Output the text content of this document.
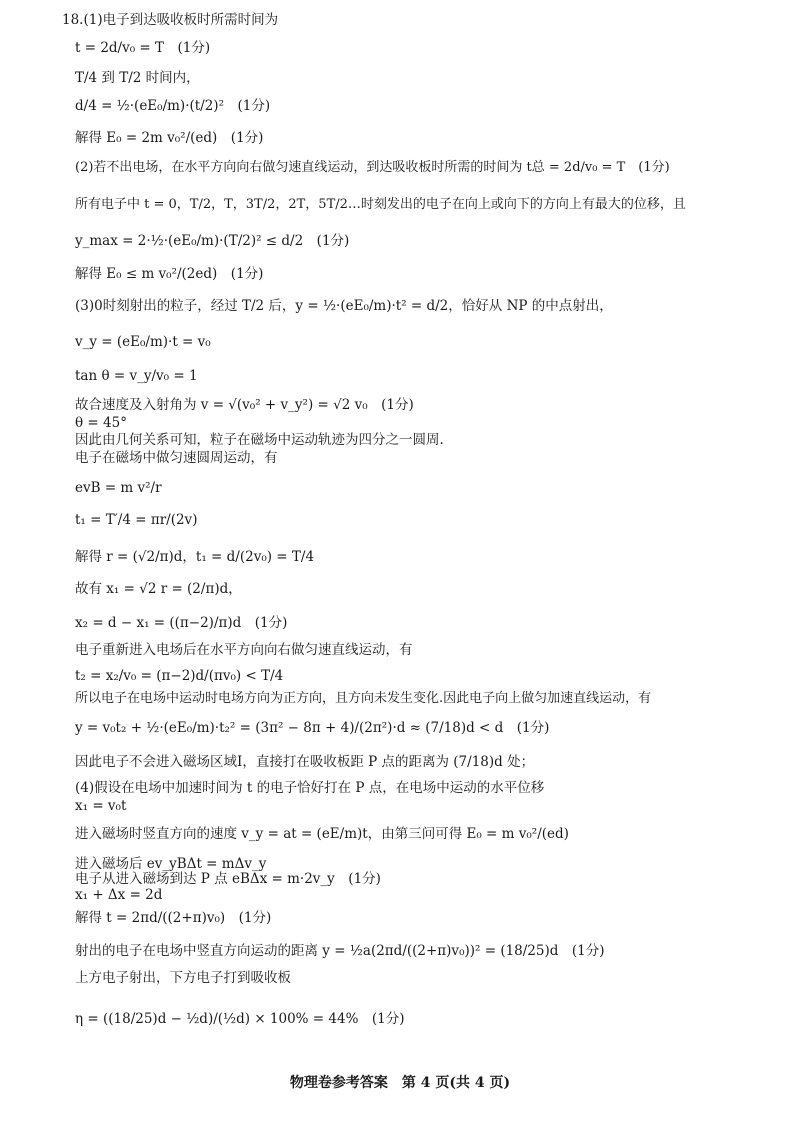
18.(1)电子到达吸收板时所需时间为
t = 2d/v₀ = T　(1分)
T/4 到 T/2 时间内，
d/4 = ½·(eE₀/m)·(t/2)²　(1分)
解得 E₀ = 2m v₀²/(ed)　(1分)
(2)若不出电场，在水平方向向右做匀速直线运动，到达吸收板时所需的时间为 t总 = 2d/v₀ = T　(1分)
所有电子中 t = 0，T/2，T，3T/2，2T，5T/2…时刻发出的电子在向上或向下的方向上有最大的位移，且
y_max = 2·½·(eE₀/m)·(T/2)² ≤ d/2　(1分)
解得 E₀ ≤ m v₀²/(2ed)　(1分)
(3)0时刻射出的粒子，经过 T/2 后，y = ½·(eE₀/m)·t² = d/2，恰好从 NP 的中点射出，
v_y = (eE₀/m)·t = v₀
tan θ = v_y/v₀ = 1
故合速度及入射角为 v = √(v₀² + v_y²) = √2 v₀　(1分)
θ = 45°
因此由几何关系可知，粒子在磁场中运动轨迹为四分之一圆周.
电子在磁场中做匀速圆周运动，有
evB = m v²/r
t₁ = T′/4 = πr/(2v)
解得 r = (√2/π)d，t₁ = d/(2v₀) = T/4
故有 x₁ = √2 r = (2/π)d，
x₂ = d − x₁ = ((π−2)/π)d　(1分)
电子重新进入电场后在水平方向向右做匀速直线运动，有
t₂ = x₂/v₀ = (π−2)d/(πv₀) < T/4
所以电子在电场中运动时电场方向为正方向，且方向未发生变化.因此电子向上做匀加速直线运动，有
y = v₀t₂ + ½·(eE₀/m)·t₂² = (3π² − 8π + 4)/(2π²)·d ≈ (7/18)d < d　(1分)
因此电子不会进入磁场区域Ⅰ，直接打在吸收板距 P 点的距离为 (7/18)d 处；
(4)假设在电场中加速时间为 t 的电子恰好打在 P 点，在电场中运动的水平位移
x₁ = v₀t
进入磁场时竖直方向的速度 v_y = at = (eE/m)t，由第三问可得 E₀ = m v₀²/(ed)
进入磁场后 ev_yBΔt = mΔv_y
电子从进入磁场到达 P 点 eBΔx = m·2v_y　(1分)
x₁ + Δx = 2d
解得 t = 2πd/((2+π)v₀)　(1分)
射出的电子在电场中竖直方向运动的距离 y = ½a(2πd/((2+π)v₀))² = (18/25)d　(1分)
上方电子射出，下方电子打到吸收板
η = ((18/25)d − ½d)/(½d) × 100% = 44%　(1分)
物理卷参考答案　第 4 页(共 4 页)
